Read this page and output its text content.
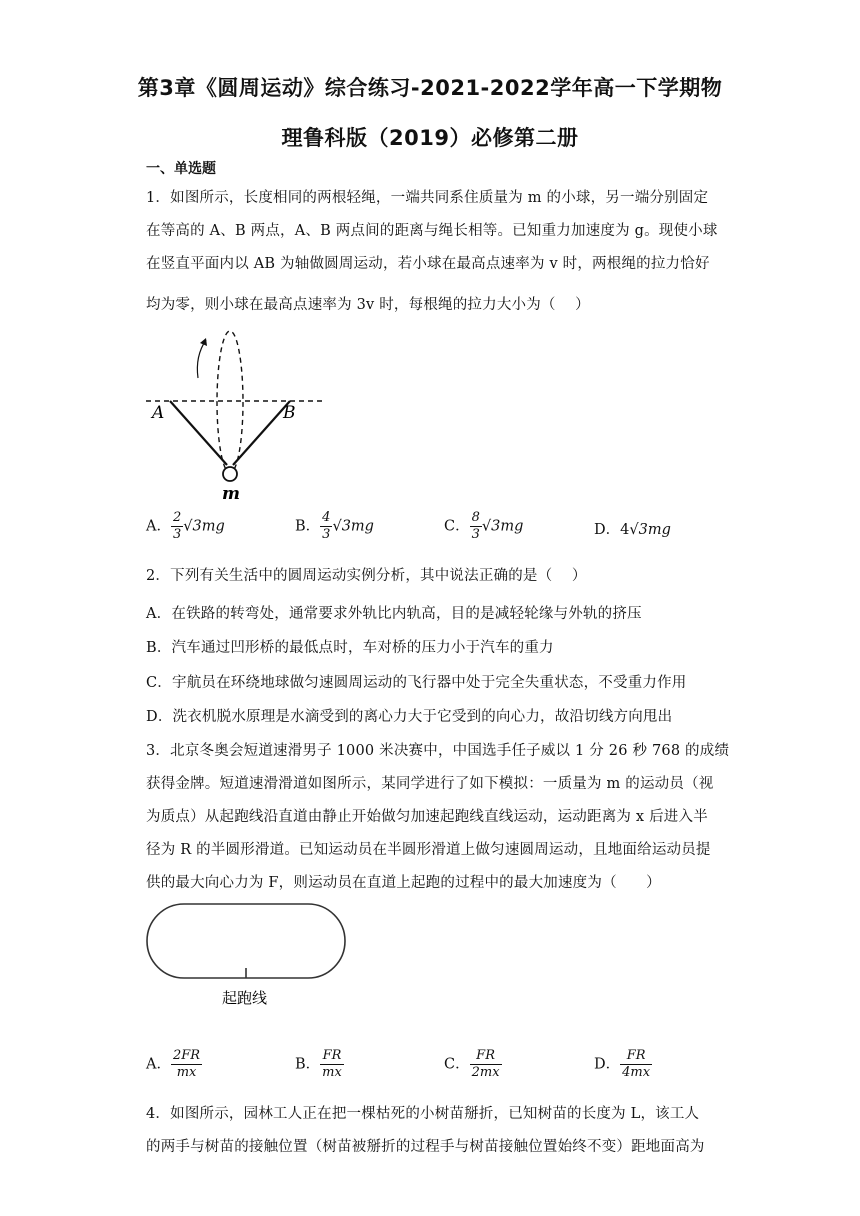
第3章《圆周运动》综合练习-2021-2022学年高一下学期物
理鲁科版（2019）必修第二册
一、单选题
1．如图所示，长度相同的两根轻绳，一端共同系住质量为 m 的小球，另一端分别固定
在等高的 A、B 两点，A、B 两点间的距离与绳长相等。已知重力加速度为 g。现使小球
在竖直平面内以 AB 为轴做圆周运动，若小球在最高点速率为 v 时，两根绳的拉力恰好
均为零，则小球在最高点速率为 3v 时，每根绳的拉力大小为（　 ）
A	B
m
A． $\frac{2}{3} √3mg$	B． $\frac{4}{3} √3mg$	C． $\frac{8}{3} √3mg$	D．4√3mg
2．下列有关生活中的圆周运动实例分析，其中说法正确的是（　 ）
A．在铁路的转弯处，通常要求外轨比内轨高，目的是减轻轮缘与外轨的挤压
B．汽车通过凹形桥的最低点时，车对桥的压力小于汽车的重力
C．宇航员在环绕地球做匀速圆周运动的飞行器中处于完全失重状态，不受重力作用
D．洗衣机脱水原理是水滴受到的离心力大于它受到的向心力，故沿切线方向甩出
3．北京冬奥会短道速滑男子 1000 米决赛中，中国选手任子威以 1 分 26 秒 768 的成绩
获得金牌。短道速滑滑道如图所示，某同学进行了如下模拟：一质量为 m 的运动员（视
为质点）从起跑线沿直道由静止开始做匀加速起跑线直线运动，运动距离为 x 后进入半
径为 R 的半圆形滑道。已知运动员在半圆形滑道上做匀速圆周运动，且地面给运动员提
供的最大向心力为 F，则运动员在直道上起跑的过程中的最大加速度为（　　）
起跑线
A． $\frac{2FR}{mx}$	B． $\frac{FR}{mx}$	C． $\frac{FR}{2mx}$	D． $\frac{FR}{4mx}$
4．如图所示，园林工人正在把一棵枯死的小树苗掰折，已知树苗的长度为 L，该工人
的两手与树苗的接触位置（树苗被掰折的过程手与树苗接触位置始终不变）距地面高为
